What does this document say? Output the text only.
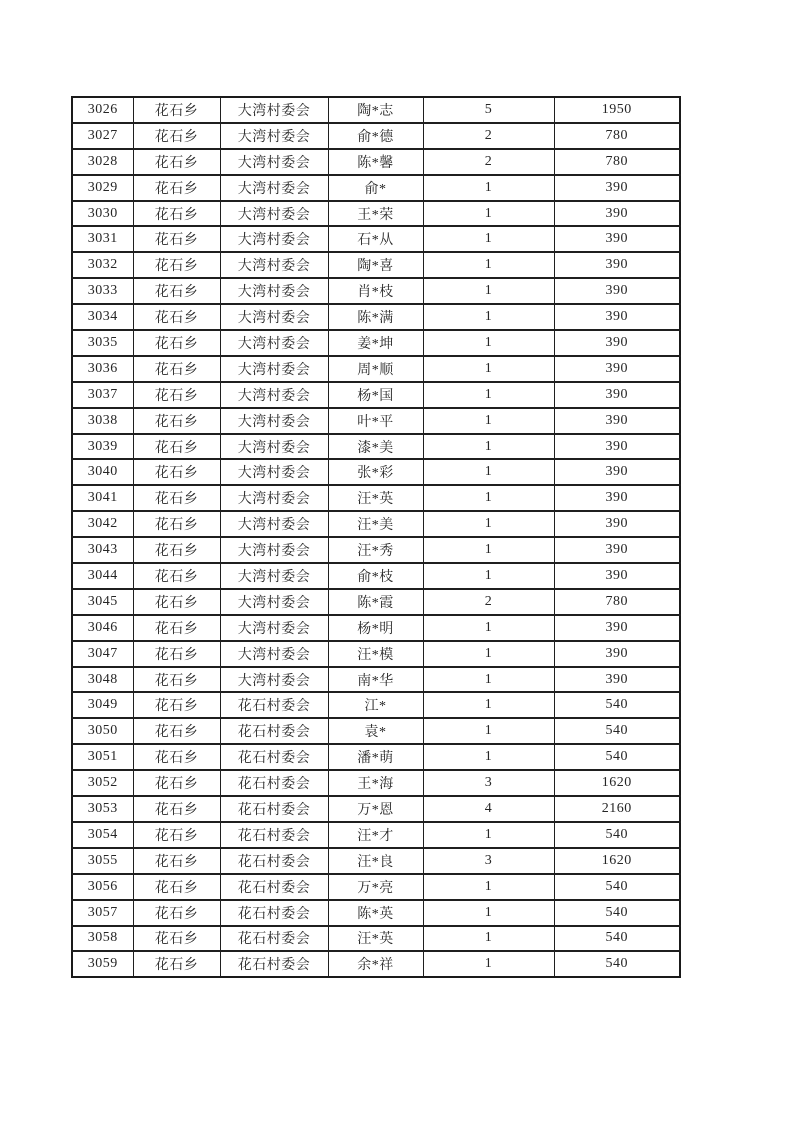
3026	花石乡	大湾村委会	陶*志	5	1950
3027	花石乡	大湾村委会	俞*德	2	780
3028	花石乡	大湾村委会	陈*馨	2	780
3029	花石乡	大湾村委会	俞*	1	390
3030	花石乡	大湾村委会	王*荣	1	390
3031	花石乡	大湾村委会	石*从	1	390
3032	花石乡	大湾村委会	陶*喜	1	390
3033	花石乡	大湾村委会	肖*枝	1	390
3034	花石乡	大湾村委会	陈*满	1	390
3035	花石乡	大湾村委会	姜*坤	1	390
3036	花石乡	大湾村委会	周*顺	1	390
3037	花石乡	大湾村委会	杨*国	1	390
3038	花石乡	大湾村委会	叶*平	1	390
3039	花石乡	大湾村委会	漆*美	1	390
3040	花石乡	大湾村委会	张*彩	1	390
3041	花石乡	大湾村委会	汪*英	1	390
3042	花石乡	大湾村委会	汪*美	1	390
3043	花石乡	大湾村委会	汪*秀	1	390
3044	花石乡	大湾村委会	俞*枝	1	390
3045	花石乡	大湾村委会	陈*霞	2	780
3046	花石乡	大湾村委会	杨*明	1	390
3047	花石乡	大湾村委会	汪*模	1	390
3048	花石乡	大湾村委会	南*华	1	390
3049	花石乡	花石村委会	江*	1	540
3050	花石乡	花石村委会	袁*	1	540
3051	花石乡	花石村委会	潘*萌	1	540
3052	花石乡	花石村委会	王*海	3	1620
3053	花石乡	花石村委会	万*恩	4	2160
3054	花石乡	花石村委会	汪*才	1	540
3055	花石乡	花石村委会	汪*良	3	1620
3056	花石乡	花石村委会	万*亮	1	540
3057	花石乡	花石村委会	陈*英	1	540
3058	花石乡	花石村委会	汪*英	1	540
3059	花石乡	花石村委会	余*祥	1	540
